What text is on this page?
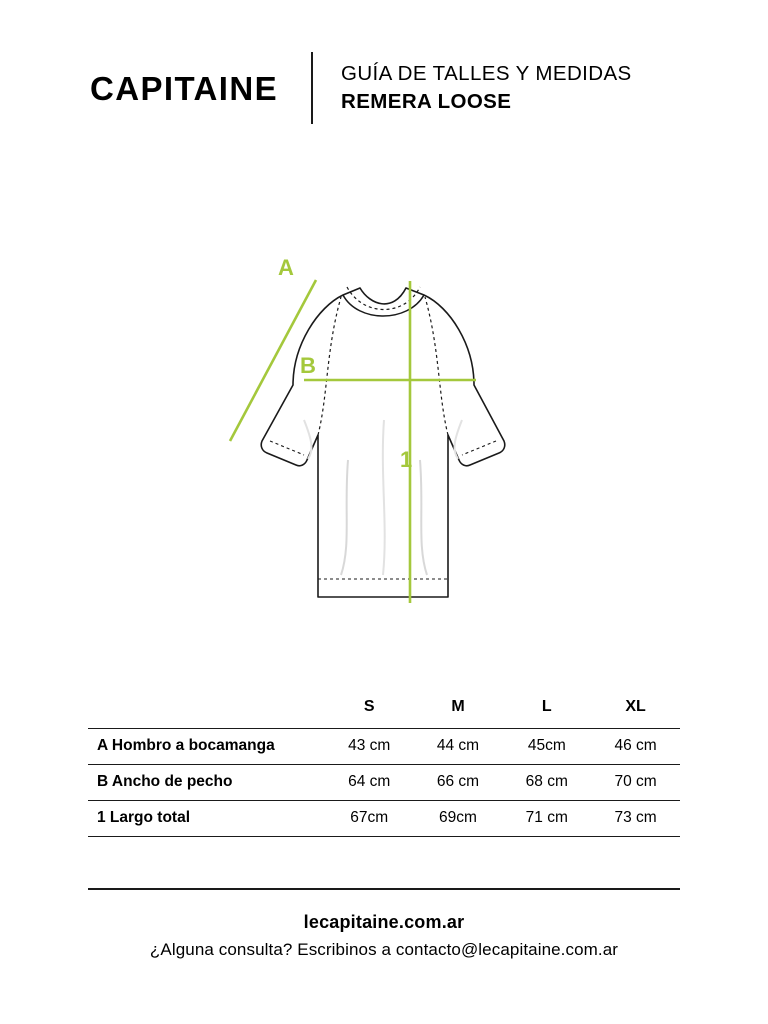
CAPITAINE	GUÍA DE TALLES Y MEDIDAS
REMERA LOOSE
A
B
1
	S	M	L	XL
A Hombro a bocamanga	43 cm	44 cm	45cm	46 cm
B Ancho de pecho	64 cm	66 cm	68 cm	70 cm
1 Largo total	67cm	69cm	71 cm	73 cm
lecapitaine.com.ar
¿Alguna consulta? Escribinos a contacto@lecapitaine.com.ar
